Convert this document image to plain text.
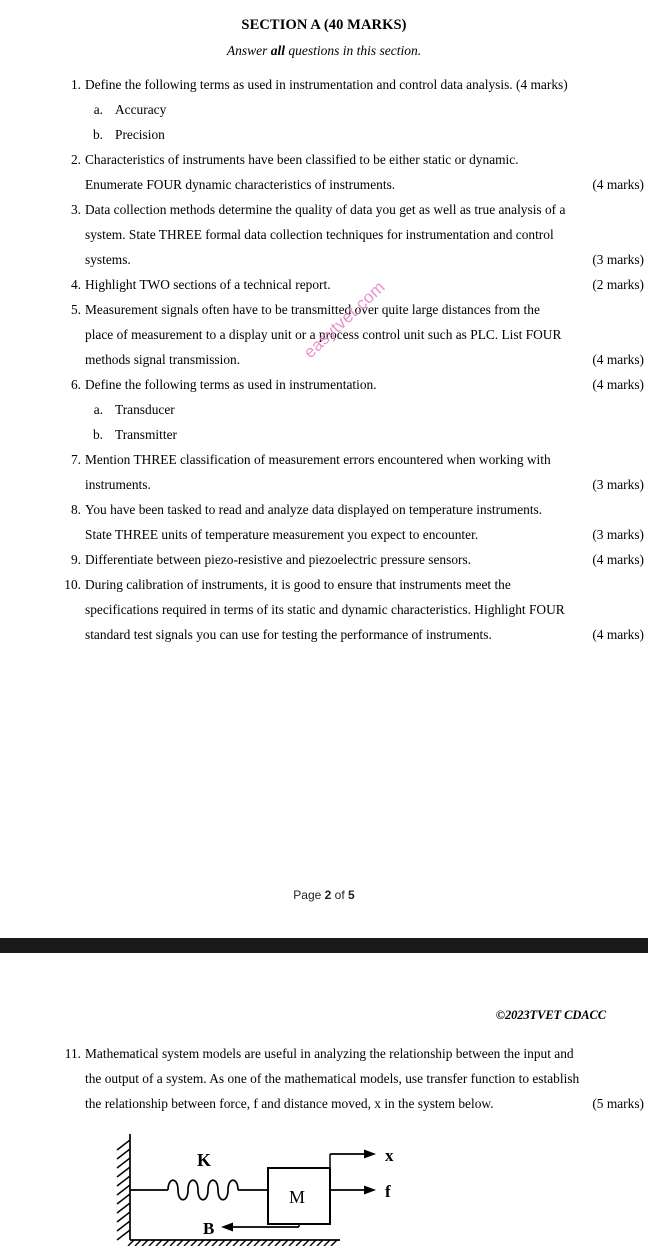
SECTION A (40 MARKS)
Answer all questions in this section.
1. Define the following terms as used in instrumentation and control data analysis. (4 marks)
a. Accuracy
b. Precision
2. Characteristics of instruments have been classified to be either static or dynamic.
Enumerate FOUR dynamic characteristics of instruments.	(4 marks)
3. Data collection methods determine the quality of data you get as well as true analysis of a
system. State THREE formal data collection techniques for instrumentation and control
systems.	(3 marks)
4. Highlight TWO sections of a technical report.	(2 marks)
5. Measurement signals often have to be transmitted over quite large distances from the
place of measurement to a display unit or a process control unit such as PLC. List FOUR
methods signal transmission.	(4 marks)
6. Define the following terms as used in instrumentation.	(4 marks)
a. Transducer
b. Transmitter
7. Mention THREE classification of measurement errors encountered when working with
instruments.	(3 marks)
8. You have been tasked to read and analyze data displayed on temperature instruments.
State THREE units of temperature measurement you expect to encounter.	(3 marks)
9. Differentiate between piezo-resistive and piezoelectric pressure sensors.	(4 marks)
10. During calibration of instruments, it is good to ensure that instruments meet the
specifications required in terms of its static and dynamic characteristics. Highlight FOUR
standard test signals you can use for testing the performance of instruments.	(4 marks)
easytvet.com
Page 2 of 5
©2023TVET CDACC
11. Mathematical system models are useful in analyzing the relationship between the input and
the output of a system. As one of the mathematical models, use transfer function to establish
the relationship between force, f and distance moved, x in the system below.	(5 marks)
K
M
x
f
B
